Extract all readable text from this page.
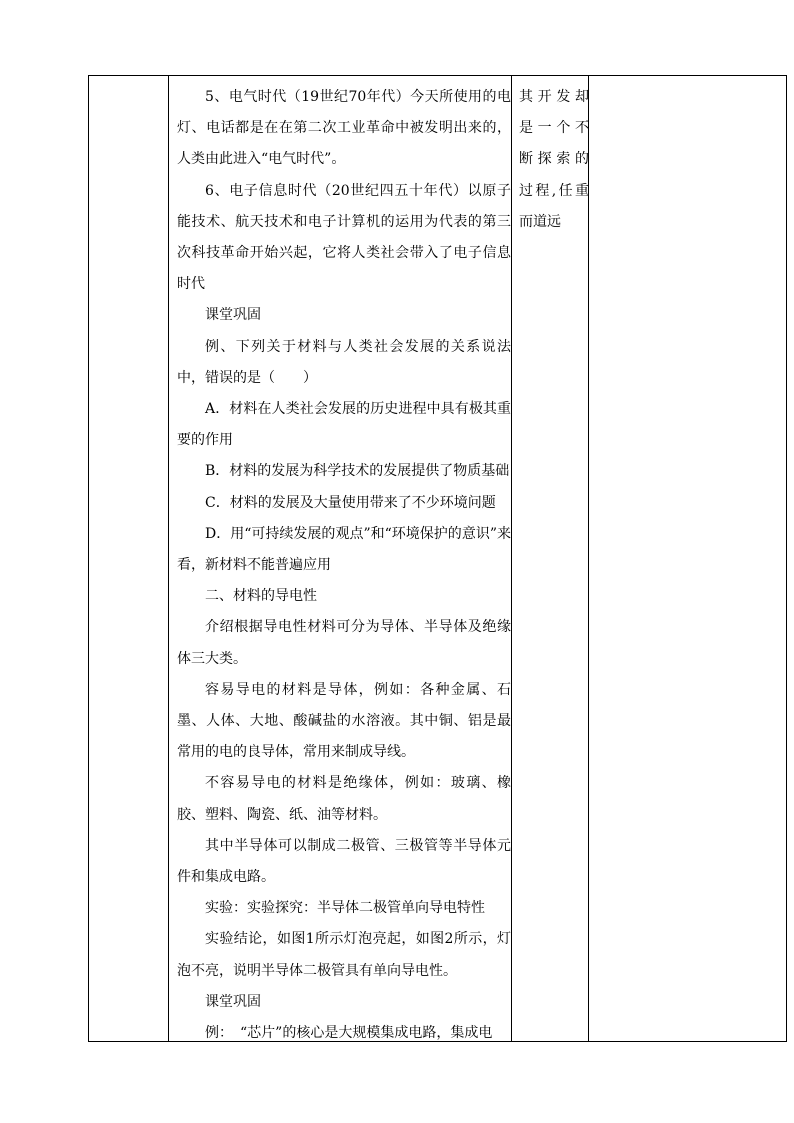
5、电气时代（19世纪70年代）今天所使用的电灯、电话都是在在第二次工业革命中被发明出来的，人类由此进入“电气时代”。

6、电子信息时代（20世纪四五十年代）以原子能技术、航天技术和电子计算机的运用为代表的第三次科技革命开始兴起，它将人类社会带入了电子信息时代

课堂巩固

例、下列关于材料与人类社会发展的关系说法中，错误的是（　　）

A．材料在人类社会发展的历史进程中具有极其重要的作用

B．材料的发展为科学技术的发展提供了物质基础

C．材料的发展及大量使用带来了不少环境问题

D．用“可持续发展的观点”和“环境保护的意识”来看，新材料不能普遍应用

二、材料的导电性

介绍根据导电性材料可分为导体、半导体及绝缘体三大类。

容易导电的材料是导体，例如：各种金属、石墨、人体、大地、酸碱盐的水溶液。其中铜、铝是最常用的电的良导体，常用来制成导线。

不容易导电的材料是绝缘体，例如：玻璃、橡胶、塑料、陶瓷、纸、油等材料。

其中半导体可以制成二极管、三极管等半导体元件和集成电路。

实验：实验探究：半导体二极管单向导电特性

实验结论，如图1所示灯泡亮起，如图2所示，灯泡不亮，说明半导体二极管具有单向导电性。

课堂巩固

例：　“芯片”的核心是大规模集成电路，集成电

其开发却

是一个不

断探索的

过程,任重

而道远
